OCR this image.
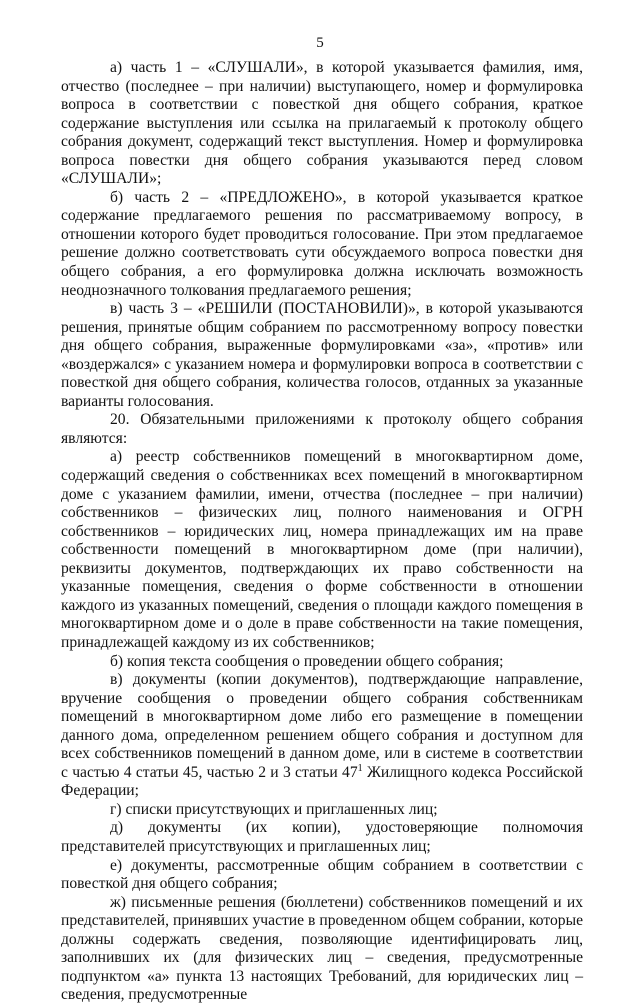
5

а) часть 1 – «СЛУШАЛИ», в которой указывается фамилия, имя, отчество (последнее – при наличии) выступающего, номер и формулировка вопроса в соответствии с повесткой дня общего собрания, краткое содержание выступления или ссылка на прилагаемый к протоколу общего собрания документ, содержащий текст выступления. Номер и формулировка вопроса повестки дня общего собрания указываются перед словом «СЛУШАЛИ»;

б) часть 2 – «ПРЕДЛОЖЕНО», в которой указывается краткое содержание предлагаемого решения по рассматриваемому вопросу, в отношении которого будет проводиться голосование. При этом предлагаемое решение должно соответствовать сути обсуждаемого вопроса повестки дня общего собрания, а его формулировка должна исключать возможность неоднозначного толкования предлагаемого решения;

в) часть 3 – «РЕШИЛИ (ПОСТАНОВИЛИ)», в которой указываются решения, принятые общим собранием по рассмотренному вопросу повестки дня общего собрания, выраженные формулировками «за», «против» или «воздержался» с указанием номера и формулировки вопроса в соответствии с повесткой дня общего собрания, количества голосов, отданных за указанные варианты голосования.

20. Обязательными приложениями к протоколу общего собрания являются:

а) реестр собственников помещений в многоквартирном доме, содержащий сведения о собственниках всех помещений в многоквартирном доме с указанием фамилии, имени, отчества (последнее – при наличии) собственников – физических лиц, полного наименования и ОГРН собственников – юридических лиц, номера принадлежащих им на праве собственности помещений в многоквартирном доме (при наличии), реквизиты документов, подтверждающих их право собственности на указанные помещения, сведения о форме собственности в отношении каждого из указанных помещений, сведения о площади каждого помещения в многоквартирном доме и о доле в праве собственности на такие помещения, принадлежащей каждому из их собственников;

б) копия текста сообщения о проведении общего собрания;

в) документы (копии документов), подтверждающие направление, вручение сообщения о проведении общего собрания собственникам помещений в многоквартирном доме либо его размещение в помещении данного дома, определенном решением общего собрания и доступном для всех собственников помещений в данном доме, или в системе в соответствии с частью 4 статьи 45, частью 2 и 3 статьи $47^1$ Жилищного кодекса Российской Федерации;

г) списки присутствующих и приглашенных лиц;

д) документы (их копии), удостоверяющие полномочия представителей присутствующих и приглашенных лиц;

е) документы, рассмотренные общим собранием в соответствии с повесткой дня общего собрания;

ж) письменные решения (бюллетени) собственников помещений и их представителей, принявших участие в проведенном общем собрании, которые должны содержать сведения, позволяющие идентифицировать лиц, заполнивших их (для физических лиц – сведения, предусмотренные подпунктом «а» пункта 13 настоящих Требований, для юридических лиц – сведения, предусмотренные
